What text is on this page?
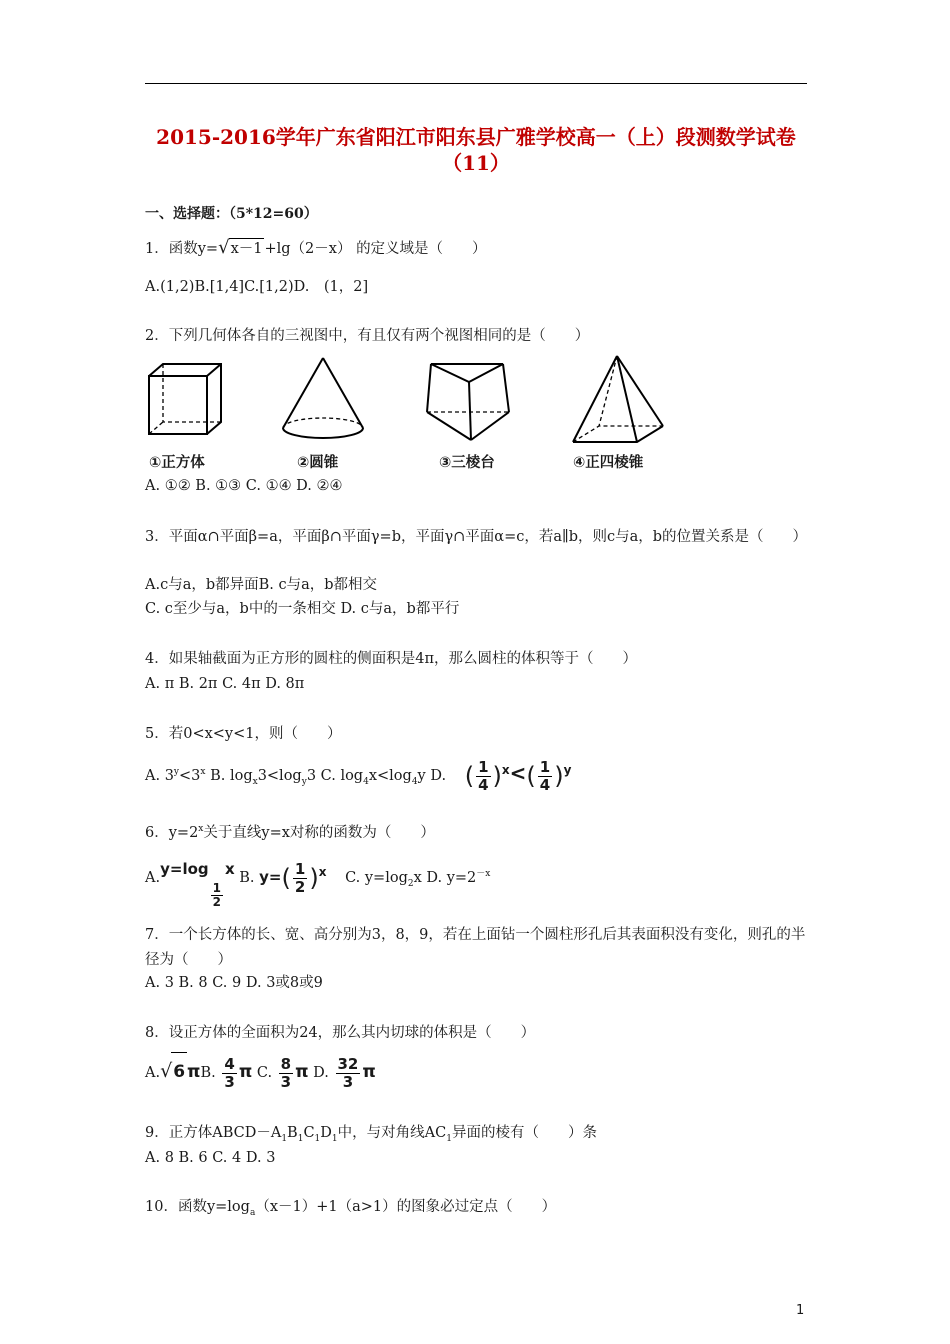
2015-2016学年广东省阳江市阳东县广雅学校高一（上）段测数学试卷（11）
一、选择题：（5*12=60）
1．函数y=√x－1 +lg（2－x） 的定义域是（　　）
A.(1,2)B.[1,4]C.[1,2)D.　(1，2]
2．下列几何体各自的三视图中，有且仅有两个视图相同的是（　　）
①正方体	②圆锥	③三棱台	④正四棱锥
A. ①② B. ①③ C. ①④ D. ②④
3．平面α∩平面β=a，平面β∩平面γ=b，平面γ∩平面α=c，若a∥b，则c与a，b的位置关系是（　　）
A.c与a，b都异面B. c与a，b都相交
C. c至少与a，b中的一条相交 D. c与a，b都平行
4．如果轴截面为正方形的圆柱的侧面积是4π，那么圆柱的体积等于（　　）
A. π B. 2π C. 4π D. 8π
5．若0<x<y<1，则（　　）
A. $3^y<3^x$ B. $\log_x3<\log_y3$ C. $\log_4x<\log_4y$ D. ( $\frac{1}{4} )^x<( \frac{1}{4} )^y$
6．$y=2^x$关于直线y=x对称的函数为（　　）
A.y=log
$\frac{1}{2}$
x B. $y=( \frac{1}{2} )^x$ C. $y=\log_2x$ D. $y=2^{-x}$
7．一个长方体的长、宽、高分别为3，8，9，若在上面钻一个圆柱形孔后其表面积没有变化，则孔的半径为（　　）
A. 3 B. 8 C. 9 D. 3或8或9
8．设正方体的全面积为24，那么其内切球的体积是（　　）
A.√6 πB. $\frac{4}{3}$ π C. $\frac{8}{3}$ π D. $\frac{32}{3}$ π
9．正方体$ABCD-A_1B_1C_1D_1$中，与对角线$AC_1$异面的棱有（　　）条
A. 8 B. 6 C. 4 D. 3
10．函数$y=\log_a(x-1)+1(a>1)$的图象必过定点（　　）
1
